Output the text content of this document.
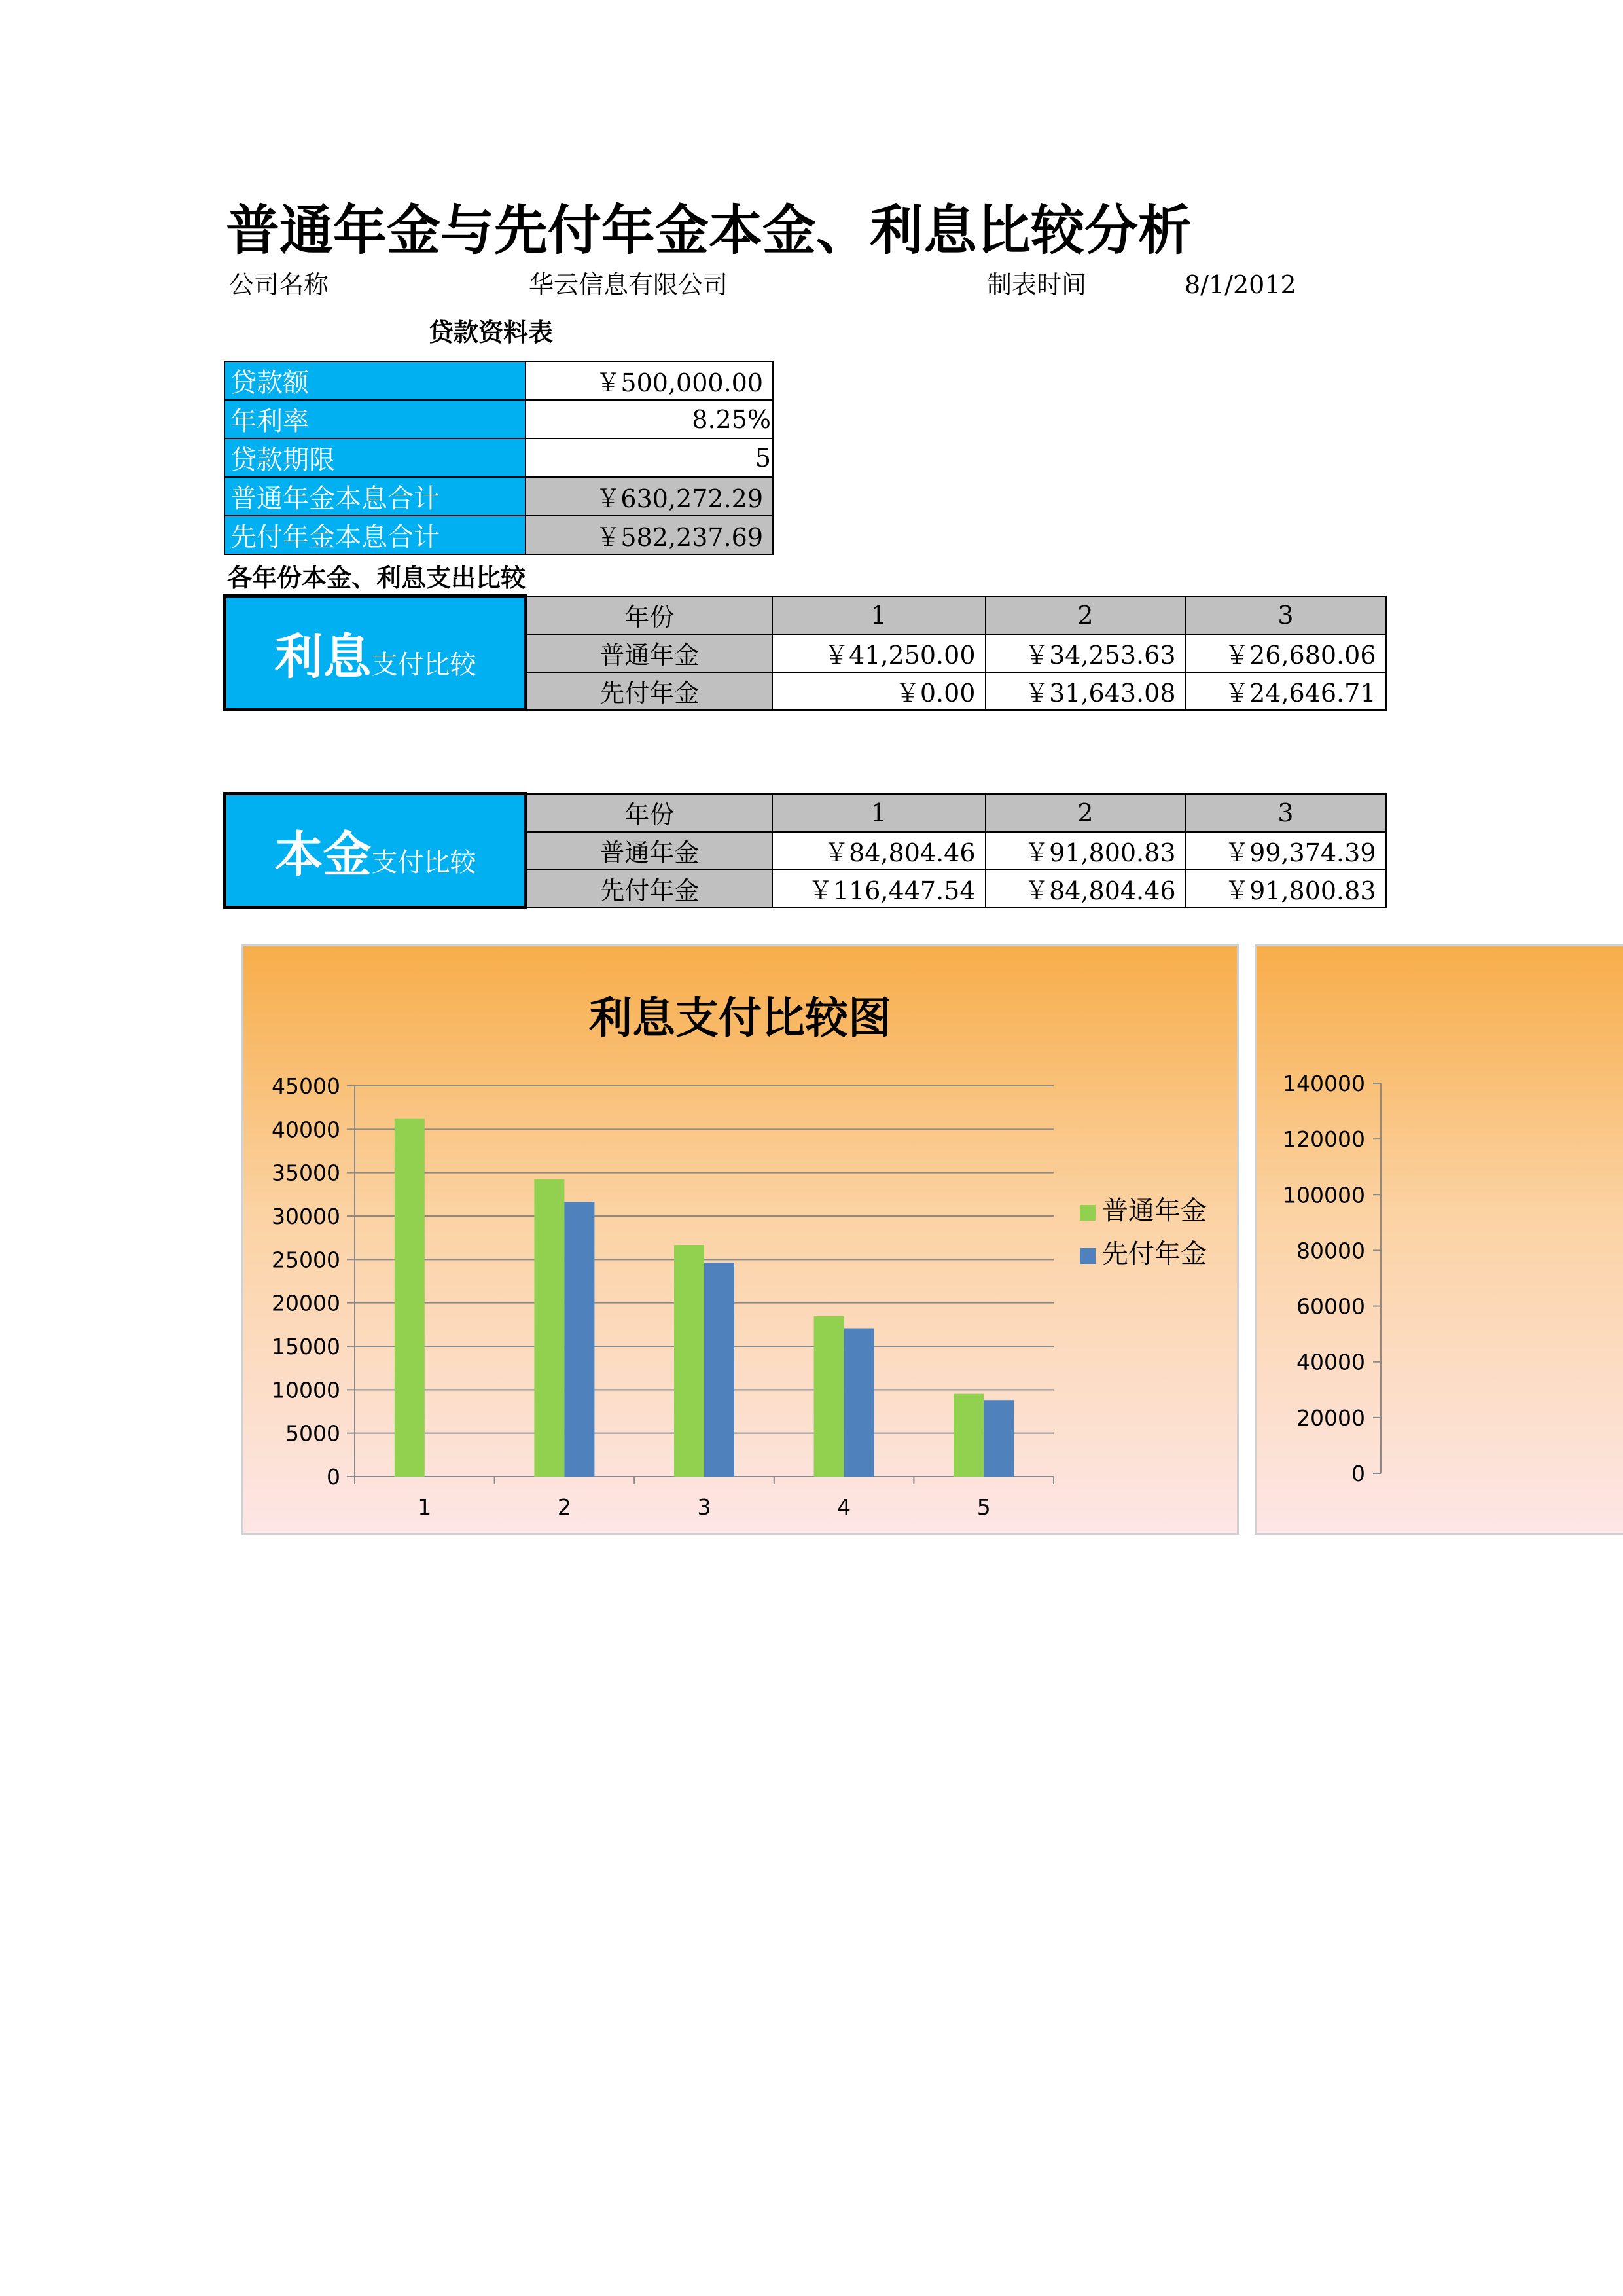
普通年金与先付年金本金、利息比较分析
公司名称	华云信息有限公司	制表时间	8/1/2012
贷款资料表
贷款额	￥500,000.00
年利率	8.25%
贷款期限	5
普通年金本息合计	￥630,272.29
先付年金本息合计	￥582,237.69
各年份本金、利息支出比较
利息支付比较	年份	1	2	3
	普通年金	￥41,250.00	￥34,253.63	￥26,680.06
	先付年金	￥0.00	￥31,643.08	￥24,646.71
本金支付比较	年份	1	2	3
	普通年金	￥84,804.46	￥91,800.83	￥99,374.39
	先付年金	￥116,447.54	￥84,804.46	￥91,800.83
利息支付比较图
0
5000
10000
15000
20000
25000
30000
35000
40000
45000
1	2	3	4	5
普通年金
先付年金
0
20000
40000
60000
80000
100000
120000
140000
